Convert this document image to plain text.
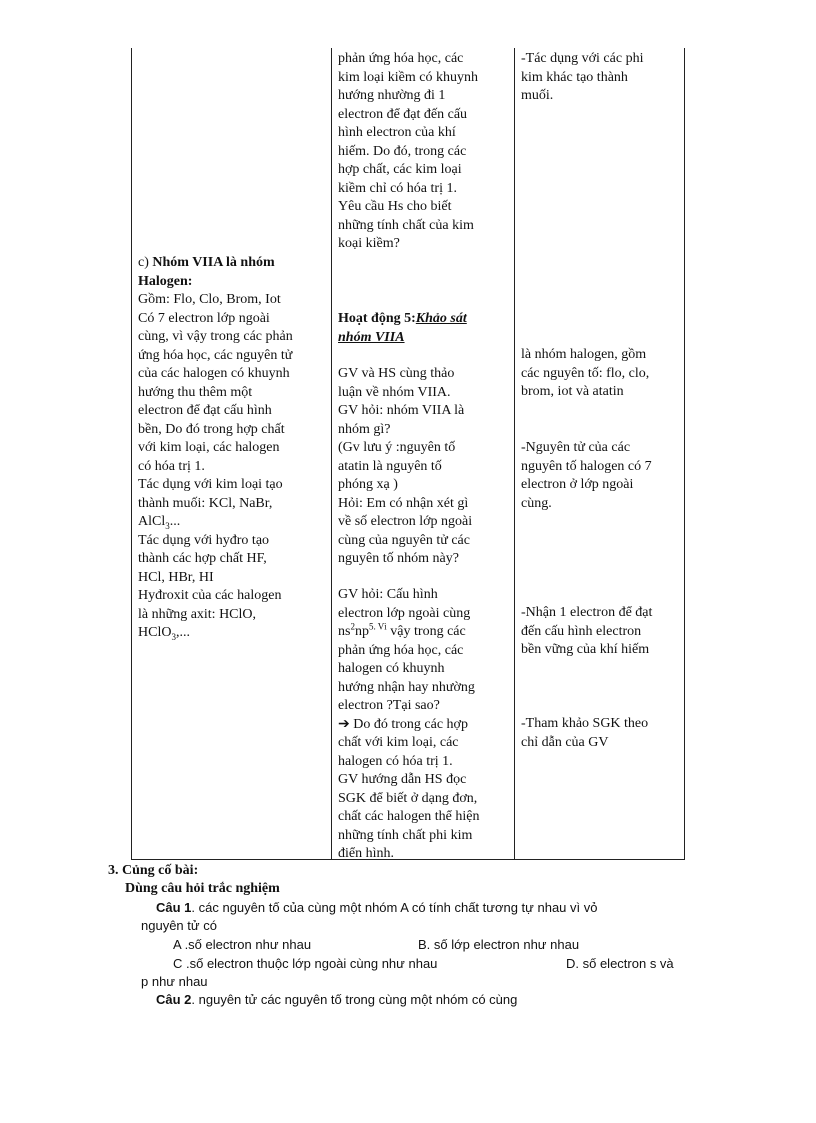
phản ứng hóa học, các

kim loại kiềm có khuynh

hướng nhường đi 1

electron để đạt đến cấu

hình electron của khí

hiếm. Do đó, trong các

hợp chất, các kim loại

kiềm chỉ có hóa trị 1.

Yêu cầu Hs cho biết

những tính chất của kim

koại kiềm?

-Tác dụng với các phi

kim khác tạo thành

muối.

c) Nhóm VIIA là nhóm

Halogen:

Gồm: Flo, Clo, Brom, Iot

Có 7 electron lớp ngoài

cùng, vì vậy trong các phản

ứng hóa học, các nguyên tử

của các halogen có khuynh

hướng thu thêm một

electron để đạt cấu hình

bền, Do đó trong hợp chất

với kim loại, các halogen

có hóa trị 1.

Tác dụng với kim loại tạo

thành muối: KCl, NaBr,

AlCl$_3$...

Tác dụng với hyđro tạo

thành các hợp chất HF,

HCl, HBr, HI

Hyđroxit của các halogen

là những axit: HClO,

HClO$_3$,...

Hoạt động 5:Khảo sát

nhóm VIIA

GV và HS cùng thảo

luận về nhóm VIIA.

GV hỏi: nhóm VIIA là

nhóm gì?

(Gv lưu ý :nguyên tố

atatin là nguyên tố

phóng xạ )

Hỏi: Em có nhận xét gì

về số electron lớp ngoài

cùng của nguyên tử các

nguyên tố nhóm này?

GV hỏi: Cấu hình

electron lớp ngoài cùng

$ns^2np^{5. Vì}$ vậy trong các

phản ứng hóa học, các

halogen có khuynh

hướng nhận hay nhường

electron ?Tại sao?

➔ Do đó trong các hợp

chất với kim loại, các

halogen có hóa trị 1.

GV hướng dẫn HS đọc

SGK để biết ở dạng đơn,

chất các halogen thể hiện

những tính chất phi kim

điển hình.

là nhóm halogen, gồm

các nguyên tố: flo, clo,

brom, iot và atatin

-Nguyên tử của các

nguyên tố halogen có 7

electron ở lớp ngoài

cùng.

-Nhận 1 electron để đạt

đến cấu hình electron

bền vững của khí hiếm

-Tham khảo SGK theo

chỉ dẫn của GV

3. Củng cố bài:
Dùng câu hỏi trắc nghiệm
Câu 1. các nguyên tố của cùng một nhóm A có tính chất tương tự nhau vì vỏ
nguyên tử có
A .số electron như nhau	B. số lớp electron như nhau
C .số electron thuộc lớp ngoài cùng như nhau	D. số electron s và
p như nhau
Câu 2. nguyên tử các nguyên tố trong cùng một nhóm có cùng
